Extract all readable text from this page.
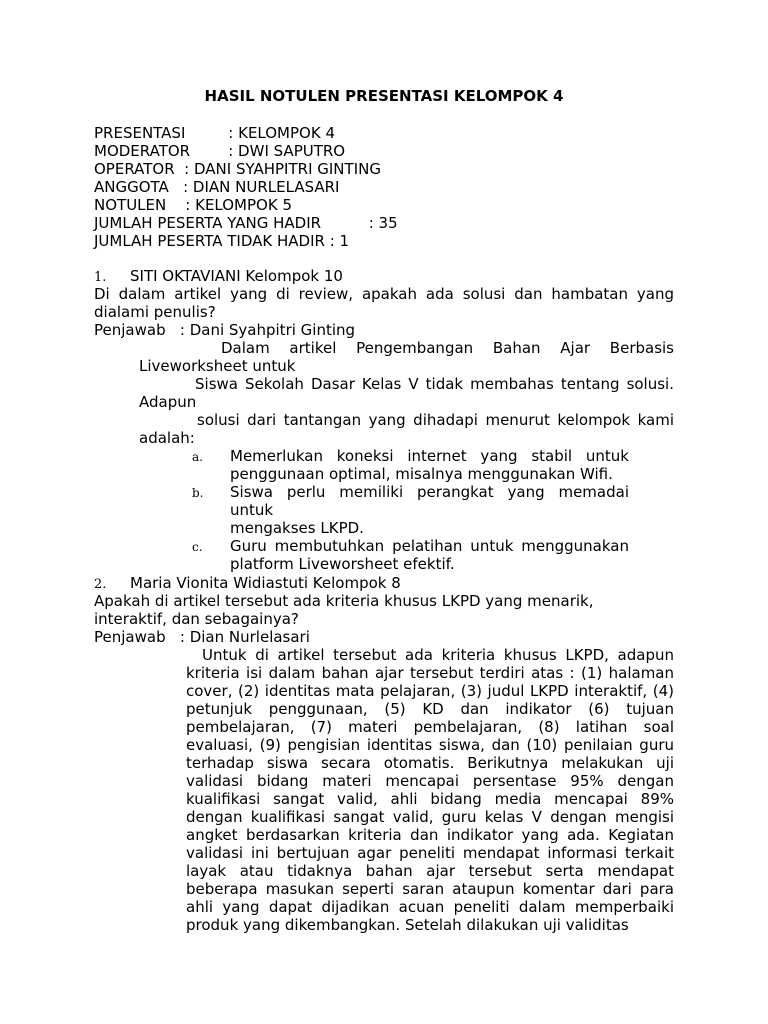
HASIL NOTULEN PRESENTASI KELOMPOK 4
PRESENTASI         : KELOMPOK 4
MODERATOR        : DWI SAPUTRO
OPERATOR  : DANI SYAHPITRI GINTING
ANGGOTA   : DIAN NURLELASARI
NOTULEN    : KELOMPOK 5
JUMLAH PESERTA YANG HADIR          : 35
JUMLAH PESERTA TIDAK HADIR : 1
1. SITI OKTAVIANI Kelompok 10
Di dalam artikel yang di review, apakah ada solusi dan hambatan yang dialami penulis?
Penjawab   : Dani Syahpitri Ginting
Dalam artikel Pengembangan Bahan Ajar Berbasis
Liveworksheet untuk
Siswa Sekolah Dasar Kelas V tidak membahas tentang solusi.
Adapun
solusi dari tantangan yang dihadapi menurut kelompok kami
adalah:
a. Memerlukan koneksi internet yang stabil untuk
penggunaan optimal, misalnya menggunakan Wifi.
b. Siswa perlu memiliki perangkat yang memadai untuk
mengakses LKPD.
c. Guru membutuhkan pelatihan untuk menggunakan
platform Liveworsheet efektif.
2. Maria Vionita Widiastuti Kelompok 8
Apakah di artikel tersebut ada kriteria khusus LKPD yang menarik,
interaktif, dan sebagainya?
Penjawab   : Dian Nurlelasari
Untuk di artikel tersebut ada kriteria khusus LKPD, adapun kriteria isi dalam bahan ajar tersebut terdiri atas : (1) halaman cover, (2) identitas mata pelajaran, (3) judul LKPD interaktif, (4) petunjuk penggunaan, (5) KD dan indikator (6) tujuan pembelajaran, (7) materi pembelajaran, (8) latihan soal evaluasi, (9) pengisian identitas siswa, dan (10) penilaian guru terhadap siswa secara otomatis. Berikutnya melakukan uji validasi bidang materi mencapai persentase 95% dengan kualifikasi sangat valid, ahli bidang media mencapai 89% dengan kualifikasi sangat valid, guru kelas V dengan mengisi angket berdasarkan kriteria dan indikator yang ada. Kegiatan validasi ini bertujuan agar peneliti mendapat informasi terkait layak atau tidaknya bahan ajar tersebut serta mendapat beberapa masukan seperti saran ataupun komentar dari para ahli yang dapat dijadikan acuan peneliti dalam memperbaiki produk yang dikembangkan. Setelah dilakukan uji validitas
